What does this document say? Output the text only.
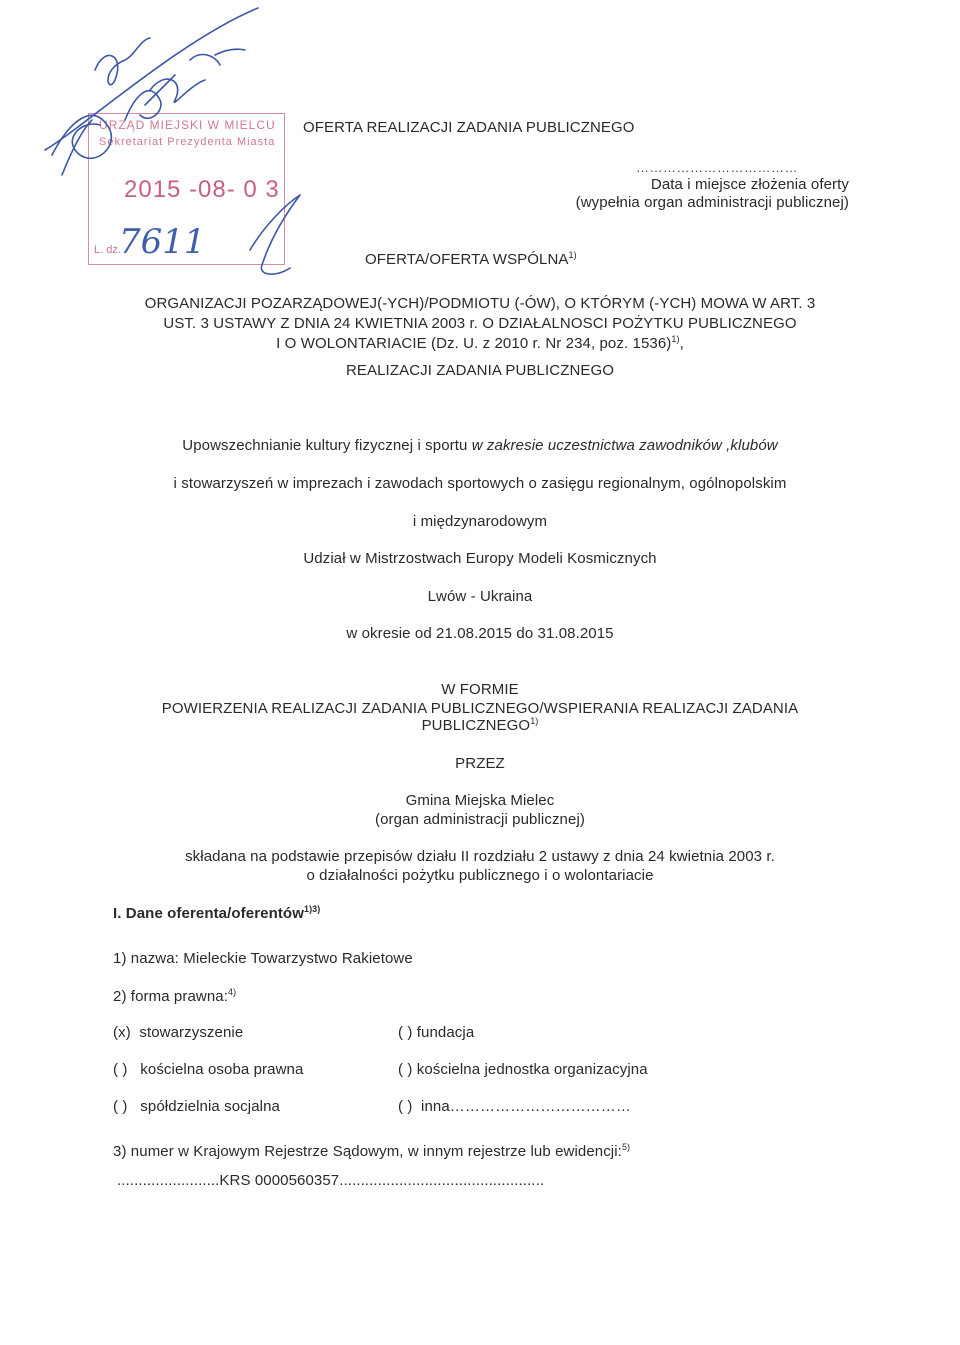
URZĄD MIEJSKI W MIELCU
Sekretariat Prezydenta Miasta
2015 -08- 0 3
L. dz.
7611
OFERTA REALIZACJI ZADANIA PUBLICZNEGO
………………………………
Data i miejsce złożenia oferty
(wypełnia organ administracji publicznej)
OFERTA/OFERTA WSPÓLNA$^{1)}$
ORGANIZACJI POZARZĄDOWEJ(-YCH)/PODMIOTU (-ÓW), O KTÓRYM (-YCH) MOWA W ART. 3
UST. 3 USTAWY Z DNIA 24 KWIETNIA 2003 r. O DZIAŁALNOSCI POŻYTKU PUBLICZNEGO
I O WOLONTARIACIE (Dz. U. z 2010 r. Nr 234, poz. 1536)$^{1)}$,
REALIZACJI ZADANIA PUBLICZNEGO
Upowszechnianie kultury fizycznej i sportu w zakresie uczestnictwa zawodników ,klubów
i stowarzyszeń w imprezach i zawodach sportowych o zasięgu regionalnym, ogólnopolskim
i międzynarodowym
Udział w Mistrzostwach Europy Modeli Kosmicznych
Lwów - Ukraina
w okresie od 21.08.2015 do 31.08.2015
W FORMIE
POWIERZENIA REALIZACJI ZADANIA PUBLICZNEGO/WSPIERANIA REALIZACJI ZADANIA
PUBLICZNEGO$^{1)}$
PRZEZ
Gmina Miejska Mielec
(organ administracji publicznej)
składana na podstawie przepisów działu II rozdziału 2 ustawy z dnia 24 kwietnia 2003 r.
o działalności pożytku publicznego i o wolontariacie
I. Dane oferenta/oferentów$^{1)3)}$
1) nazwa: Mieleckie Towarzystwo Rakietowe
2) forma prawna:$^{4)}$
(x) stowarzyszenie	( ) fundacja
( ) kościelna osoba prawna	( ) kościelna jednostka organizacyjna
( ) spółdzielnia socjalna	( ) inna………………………………
3) numer w Krajowym Rejestrze Sądowym, w innym rejestrze lub ewidencji:$^{5)}$
........................KRS 0000560357................................................
